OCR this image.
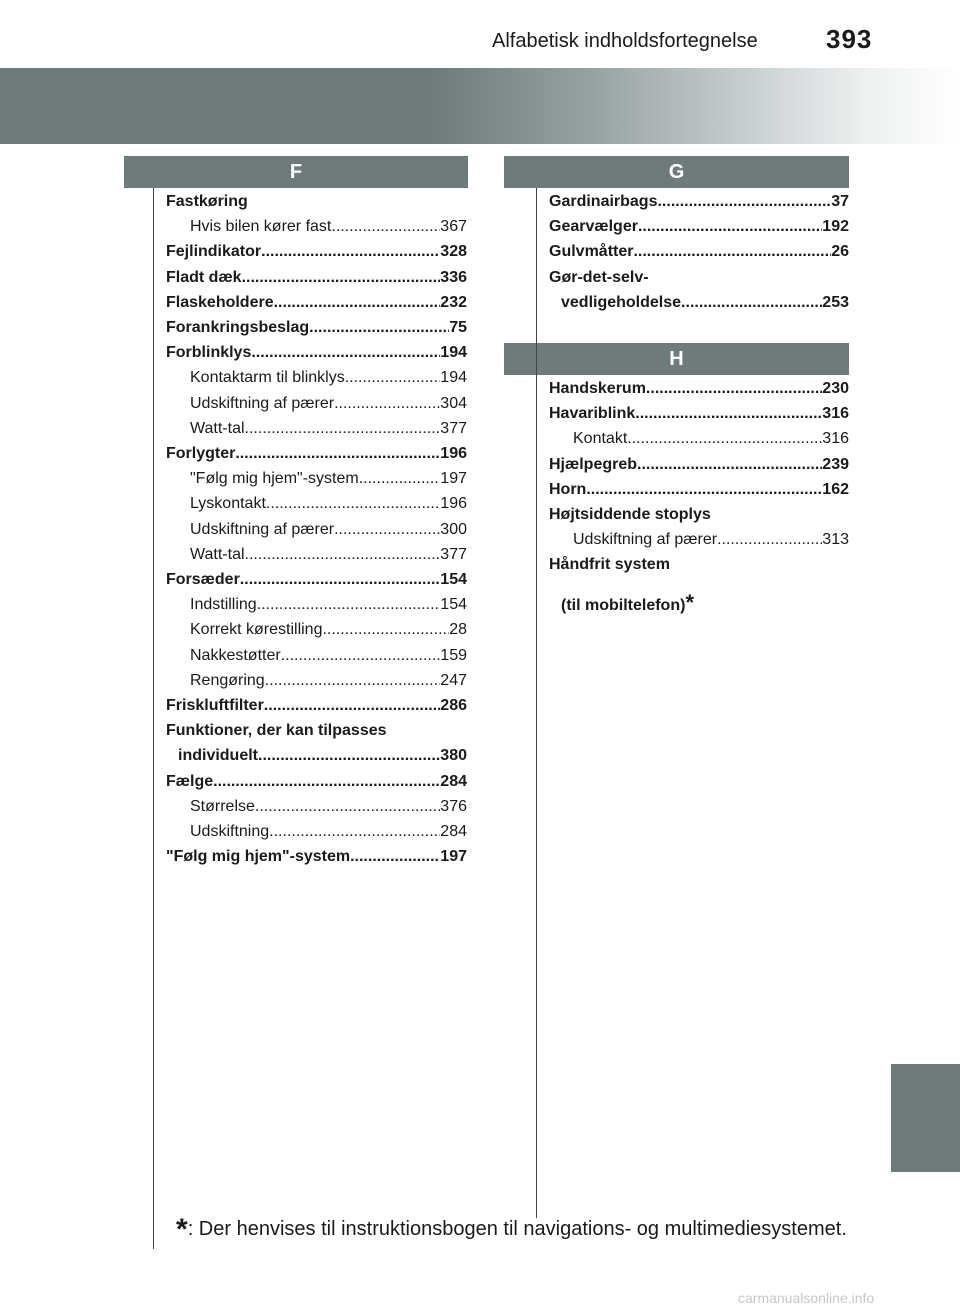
Alfabetisk indholdsfortegnelse	393
F	G
H
Fastkøring
Hvis bilen kører fast .....	367
Fejlindikator .....	328
Fladt dæk .....	336
Flaskeholdere .....	232
Forankringsbeslag .....	75
Forblinklys .....	194
Kontaktarm til blinklys .....	194
Udskiftning af pærer .....	304
Watt-tal .....	377
Forlygter .....	196
"Følg mig hjem"-system .....	197
Lyskontakt .....	196
Udskiftning af pærer .....	300
Watt-tal .....	377
Forsæder .....	154
Indstilling .....	154
Korrekt kørestilling .....	28
Nakkestøtter .....	159
Rengøring .....	247
Friskluftfilter .....	286
Funktioner, der kan tilpasses
individuelt .....	380
Fælge .....	284
Størrelse .....	376
Udskiftning .....	284
"Følg mig hjem"-system .....	197
Gardinairbags .....	37
Gearvælger .....	192
Gulvmåtter .....	26
Gør-det-selv-
vedligeholdelse .....	253
Handskerum .....	230
Havariblink .....	316
Kontakt .....	316
Hjælpegreb .....	239
Horn .....	162
Højtsiddende stoplys
Udskiftning af pærer .....	313
Håndfrit system
(til mobiltelefon) *
*: Der henvises til instruktionsbogen til navigations- og multimediesystemet.
carmanualsonline.info
